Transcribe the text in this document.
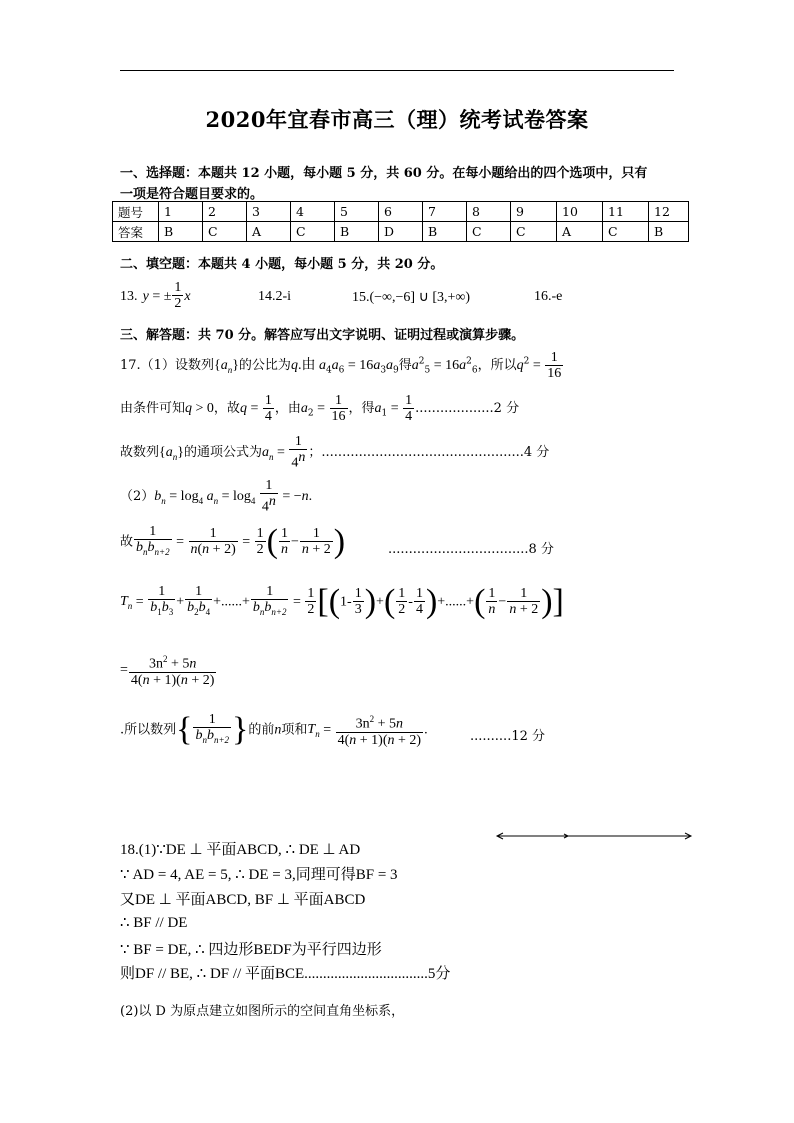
2020年宜春市高三（理）统考试卷答案
一、选择题：本题共 12 小题，每小题 5 分，共 60 分。在每小题给出的四个选项中，只有
一项是符合题目要求的。
题号	1	2	3	4	5	6	7	8	9	10	11	12
答案	B	C	A	C	B	D	B	C	C	A	C	B
二、填空题：本题共 4 小题，每小题 5 分，共 20 分。
13. y = ± $\frac{1}{2}$ x	14.2-i	15.(−∞,−6] ∪ [3,+∞)	16.-e
三、解答题：共 70 分。解答应写出文字说明、证明过程或演算步骤。
17.（1）设数列$\{a_n\}$的公比为q.由 $a_4a_6 = 16a_3a_9$得$a^2_5 = 16a^2_6$，所以$q^2 = \frac{1}{16}$
由条件可知q > 0，故$q = \frac{1}{4}$ ，由$a_2 = \frac{1}{16}$ ，得$a_1 = \frac{1}{4} ...................2$ 分
故数列$\{a_n\}$的通项公式为$a_n = \frac{1}{4^n}$ ；.................................................4 分
$(2)b_n = \log_4 a_n = \log_4 \frac{1}{4^n} = -n$.
故 $\frac{1}{b_nb_{n+2}} = \frac{1}{n(n + 2)} = \frac{1}{2}$ ( $\frac{1}{n} - \frac{1}{n + 2}$ )	..................................8 分
$T_n = \frac{1}{b_1b_3} + \frac{1}{b_2b_4}$ +......+ $\frac{1}{b_nb_{n+2}} = \frac{1}{2} [(1- \frac{1}{3}$ )+( $\frac{1}{2} - \frac{1}{4}$ )+......+( $\frac{1}{n} - \frac{1}{n + 2}$ )]
= $\frac{3n^2 + 5n}{4(n + 1)(n + 2)}$
.所以数列{ $\frac{1}{b_nb_{n+2}}$ }的前n项和$T_n = \frac{3n^2 + 5n}{4(n + 1)(n + 2)}$ .	..........12 分
18.(1)∵DE ⊥ 平面ABCD, ∴ DE ⊥ AD
∵ AD = 4, AE = 5, ∴ DE = 3,同理可得BF = 3
又DE ⊥ 平面ABCD, BF ⊥ 平面ABCD
∴ BF // DE
∵ BF = DE, ∴ 四边形BEDF为平行四边形
则DF // BE, ∴ DF // 平面BCE.................................5分
(2)以 D 为原点建立如图所示的空间直角坐标系，
